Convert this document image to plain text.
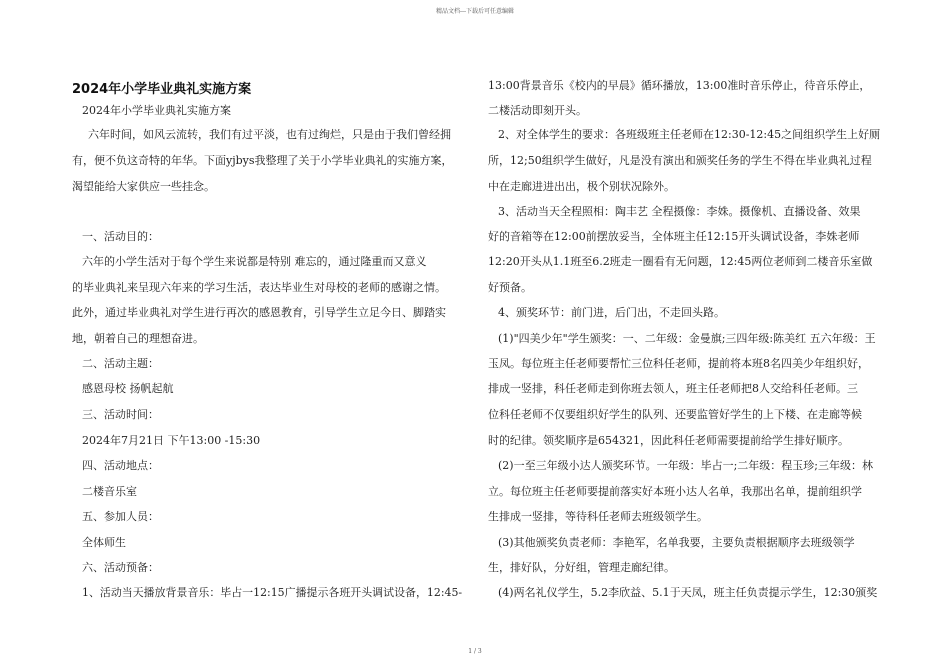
精品文档---下载后可任意编辑
2024年小学毕业典礼实施方案
2024年小学毕业典礼实施方案
六年时间，如风云流转，我们有过平淡，也有过绚烂，只是由于我们曾经拥
有，便不负这奇特的年华。下面yjbys我整理了关于小学毕业典礼的实施方案，
渴望能给大家供应一些挂念。
一、活动目的：
六年的小学生活对于每个学生来说都是特别 难忘的，通过隆重而又意义
的毕业典礼来呈现六年来的学习生活，表达毕业生对母校的老师的感谢之情。
此外，通过毕业典礼对学生进行再次的感恩教育，引导学生立足今日、脚踏实
地，朝着自己的理想奋进。
二、活动主题：
感恩母校 扬帆起航
三、活动时间：
2024年7月21日 下午13:00 -15:30
四、活动地点：
二楼音乐室
五、参加人员：
全体师生
六、活动预备：
1、活动当天播放背景音乐：毕占一12:15广播提示各班开头调试设备，12:45-
13:00背景音乐《校内的早晨》循环播放，13:00准时音乐停止，待音乐停止，
二楼活动即刻开头。
2、对全体学生的要求：各班级班主任老师在12:30-12:45之间组织学生上好厕
所，12;50组织学生做好，凡是没有演出和颁奖任务的学生不得在毕业典礼过程
中在走廊进进出出，极个别状况除外。
3、活动当天全程照相：陶丰艺 全程摄像：李姝。摄像机、直播设备、效果
好的音箱等在12:00前摆放妥当，全体班主任12:15开头调试设备，李姝老师
12:20开头从1.1班至6.2班走一圈看有无问题，12:45两位老师到二楼音乐室做
好预备。
4、颁奖环节：前门进，后门出，不走回头路。
(1)"四美少年"学生颁奖：一、二年级：金曼旗;三四年级:陈美红 五六年级：王
玉凤。每位班主任老师要帮忙三位科任老师，提前将本班8名四美少年组织好，
排成一竖排，科任老师走到你班去领人，班主任老师把8人交给科任老师。三
位科任老师不仅要组织好学生的队列、还要监管好学生的上下楼、在走廊等候
时的纪律。领奖顺序是654321，因此科任老师需要提前给学生排好顺序。
(2)一至三年级小达人颁奖环节。一年级：毕占一;二年级：程玉珍;三年级：林
立。每位班主任老师要提前落实好本班小达人名单，我那出名单，提前组织学
生排成一竖排，等待科任老师去班级领学生。
(3)其他颁奖负责老师：李艳军，名单我要，主要负责根据顺序去班级领学
生，排好队，分好组，管理走廊纪律。
(4)两名礼仪学生，5.2李欣益、5.1于天凤，班主任负责提示学生，12:30颁奖
1 / 3
